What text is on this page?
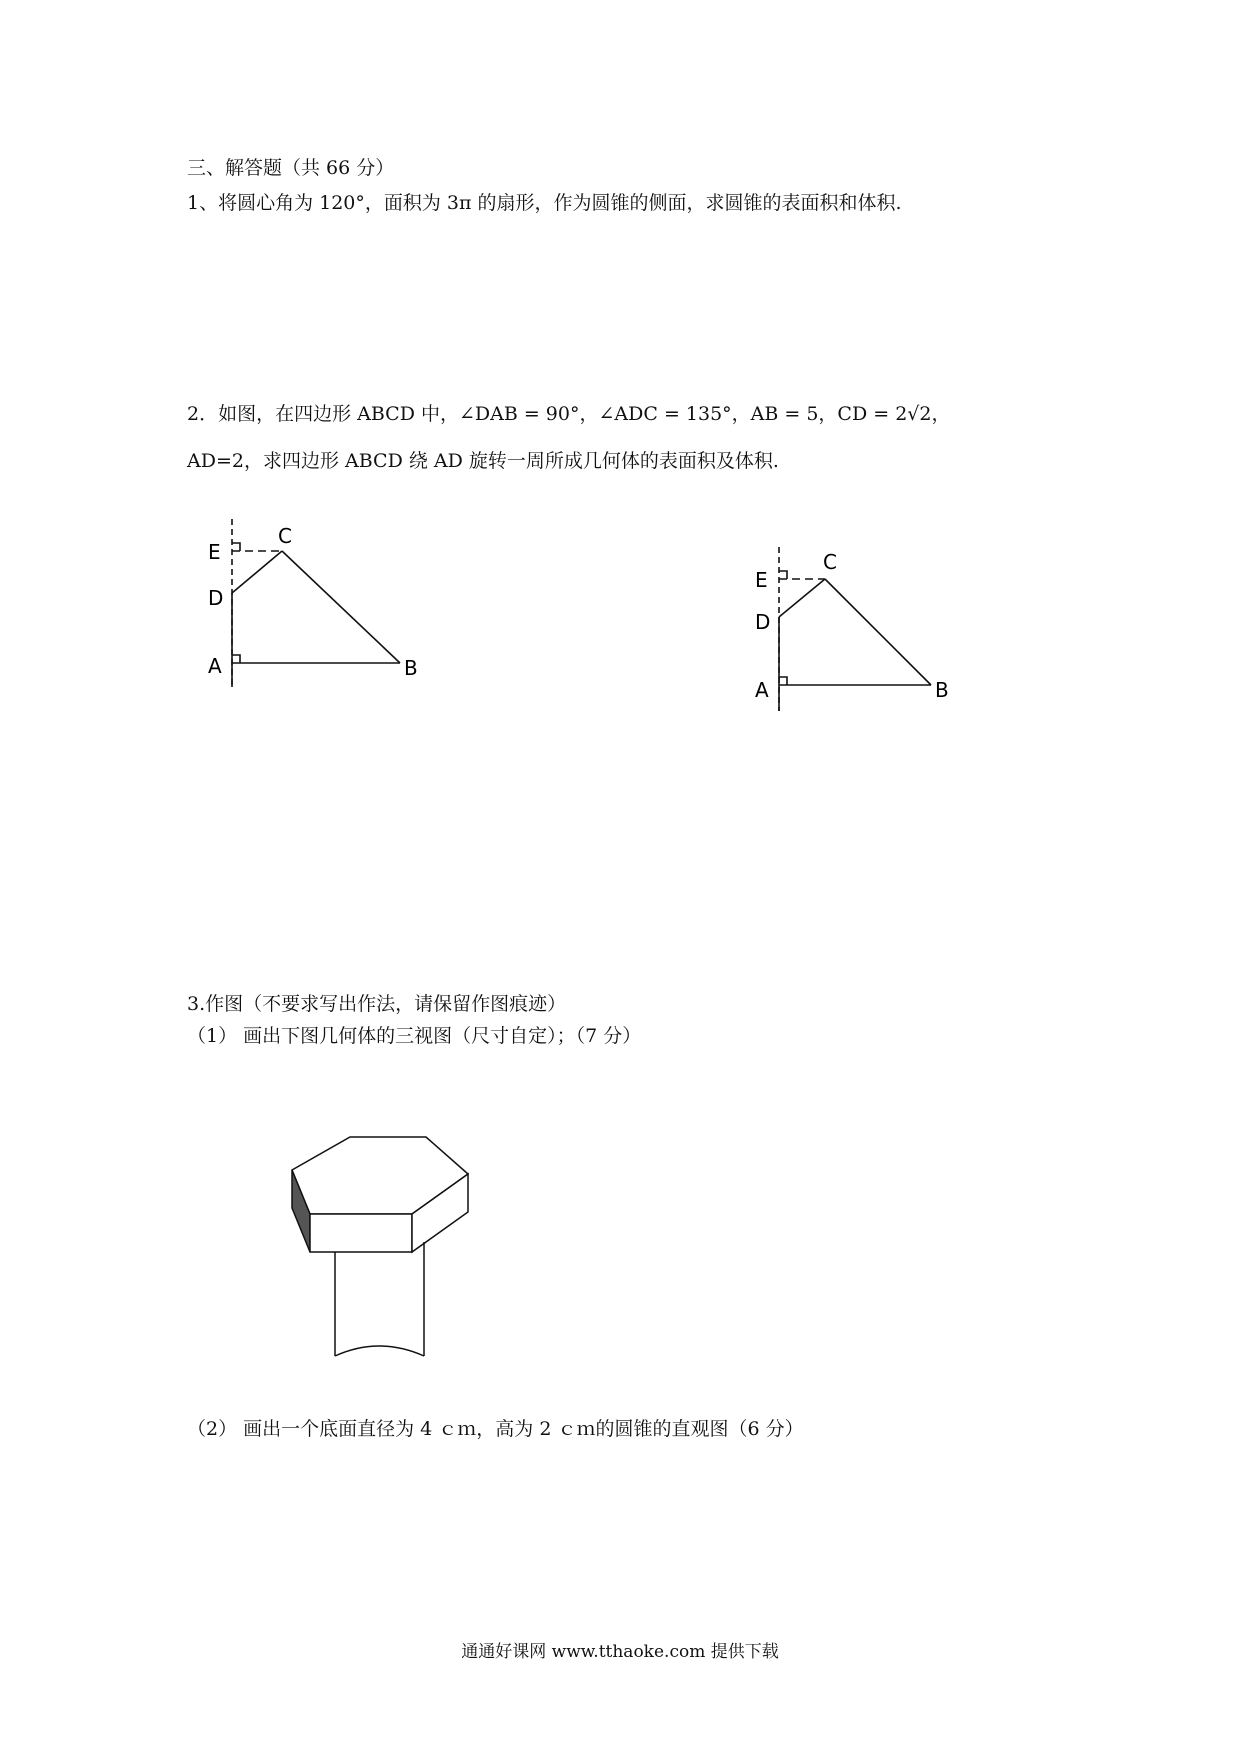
三、解答题（共 66 分）
1、将圆心角为 120°，面积为 3π 的扇形，作为圆锥的侧面，求圆锥的表面积和体积.
2．如图，在四边形 ABCD 中，∠DAB = 90°，∠ADC = 135°，AB = 5，CD = 2√2，
AD=2，求四边形 ABCD 绕 AD 旋转一周所成几何体的表面积及体积.
E
C
D
A	B
E
C
D
A	B
3.作图（不要求写出作法，请保留作图痕迹）
（1） 画出下图几何体的三视图（尺寸自定）；（7 分）
（2） 画出一个底面直径为 4 ｃｍ，高为 2 ｃｍ的圆锥的直观图（6 分）
通通好课网 www.tthaoke.com 提供下载
